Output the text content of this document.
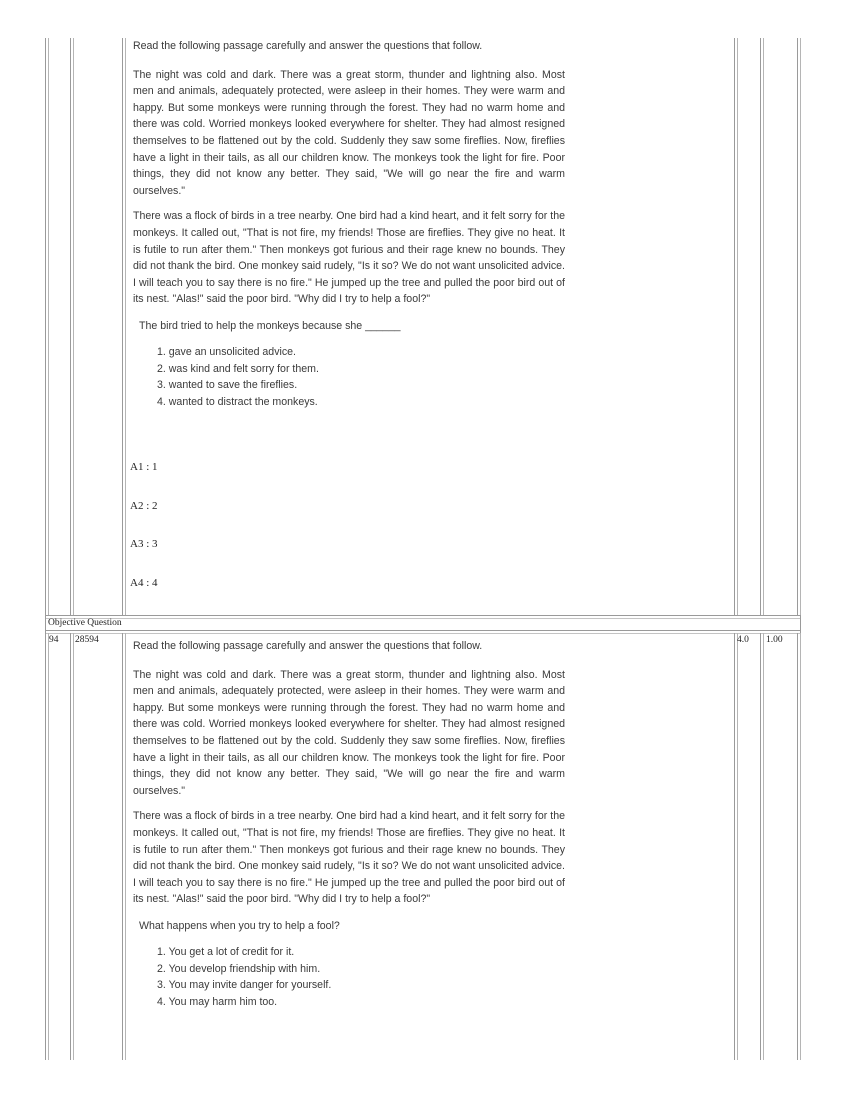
Read the following passage carefully and answer the questions that follow.

The night was cold and dark. There was a great storm, thunder and lightning also. Most men and animals, adequately protected, were asleep in their homes. They were warm and happy. But some monkeys were running through the forest. They had no warm home and there was cold. Worried monkeys looked everywhere for shelter. They had almost resigned themselves to be flattened out by the cold. Suddenly they saw some fireflies. Now, fireflies have a light in their tails, as all our children know. The monkeys took the light for fire. Poor things, they did not know any better. They said, "We will go near the fire and warm ourselves."

There was a flock of birds in a tree nearby. One bird had a kind heart, and it felt sorry for the monkeys. It called out, "That is not fire, my friends! Those are fireflies. They give no heat. It is futile to run after them." Then monkeys got furious and their rage knew no bounds. They did not thank the bird. One monkey said rudely, "Is it so? We do not want unsolicited advice. I will teach you to say there is no fire." He jumped up the tree and pulled the poor bird out of its nest. "Alas!" said the poor bird. "Why did I try to help a fool?"

The bird tried to help the monkeys because she ______

1. gave an unsolicited advice.
2. was kind and felt sorry for them.
3. wanted to save the fireflies.
4. wanted to distract the monkeys.
A1 : 1
A2 : 2
A3 : 3
A4 : 4
Objective Question
94 28594	4.0 1.00

Read the following passage carefully and answer the questions that follow.

The night was cold and dark. There was a great storm, thunder and lightning also. Most men and animals, adequately protected, were asleep in their homes. They were warm and happy. But some monkeys were running through the forest. They had no warm home and there was cold. Worried monkeys looked everywhere for shelter. They had almost resigned themselves to be flattened out by the cold. Suddenly they saw some fireflies. Now, fireflies have a light in their tails, as all our children know. The monkeys took the light for fire. Poor things, they did not know any better. They said, "We will go near the fire and warm ourselves."

There was a flock of birds in a tree nearby. One bird had a kind heart, and it felt sorry for the monkeys. It called out, "That is not fire, my friends! Those are fireflies. They give no heat. It is futile to run after them." Then monkeys got furious and their rage knew no bounds. They did not thank the bird. One monkey said rudely, "Is it so? We do not want unsolicited advice. I will teach you to say there is no fire." He jumped up the tree and pulled the poor bird out of its nest. "Alas!" said the poor bird. "Why did I try to help a fool?"

What happens when you try to help a fool?

1. You get a lot of credit for it.
2. You develop friendship with him.
3. You may invite danger for yourself.
4. You may harm him too.
